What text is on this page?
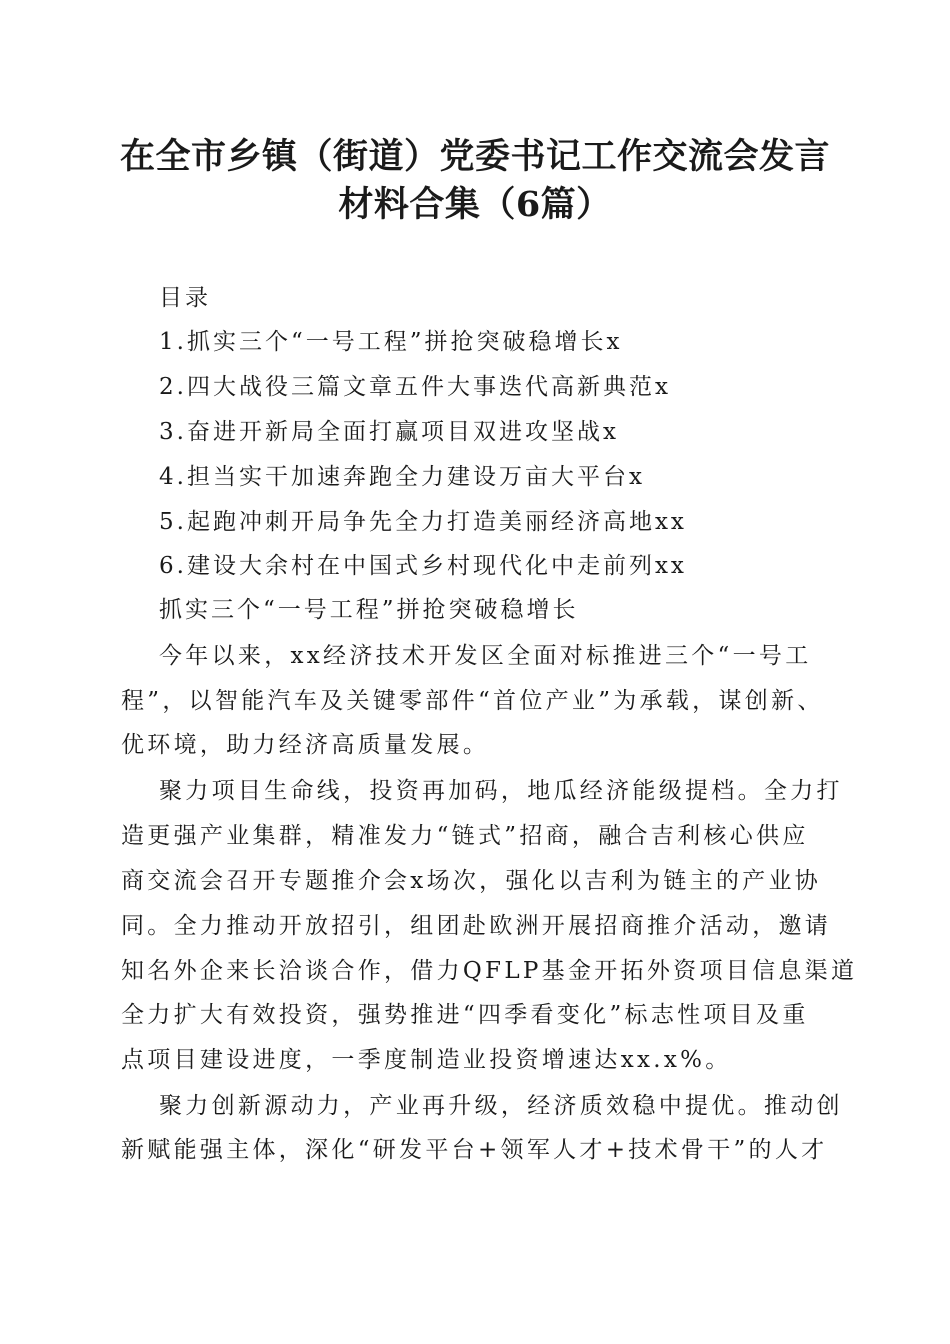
在全市乡镇（街道）党委书记工作交流会发言
材料合集（6篇）
目录
1.抓实三个“一号工程”拼抢突破稳增长x
2.四大战役三篇文章五件大事迭代高新典范x
3.奋进开新局全面打赢项目双进攻坚战x
4.担当实干加速奔跑全力建设万亩大平台x
5.起跑冲刺开局争先全力打造美丽经济高地xx
6.建设大余村在中国式乡村现代化中走前列xx
抓实三个“一号工程”拼抢突破稳增长
今年以来，xx经济技术开发区全面对标推进三个“一号工
程”，以智能汽车及关键零部件“首位产业”为承载，谋创新、
优环境，助力经济高质量发展。
聚力项目生命线，投资再加码，地瓜经济能级提档。全力打
造更强产业集群，精准发力“链式”招商，融合吉利核心供应
商交流会召开专题推介会x场次，强化以吉利为链主的产业协
同。全力推动开放招引，组团赴欧洲开展招商推介活动，邀请
知名外企来长洽谈合作，借力QFLP基金开拓外资项目信息渠道
全力扩大有效投资，强势推进“四季看变化”标志性项目及重
点项目建设进度，一季度制造业投资增速达xx.x%。
聚力创新源动力，产业再升级，经济质效稳中提优。推动创
新赋能强主体，深化“研发平台+领军人才+技术骨干”的人才
